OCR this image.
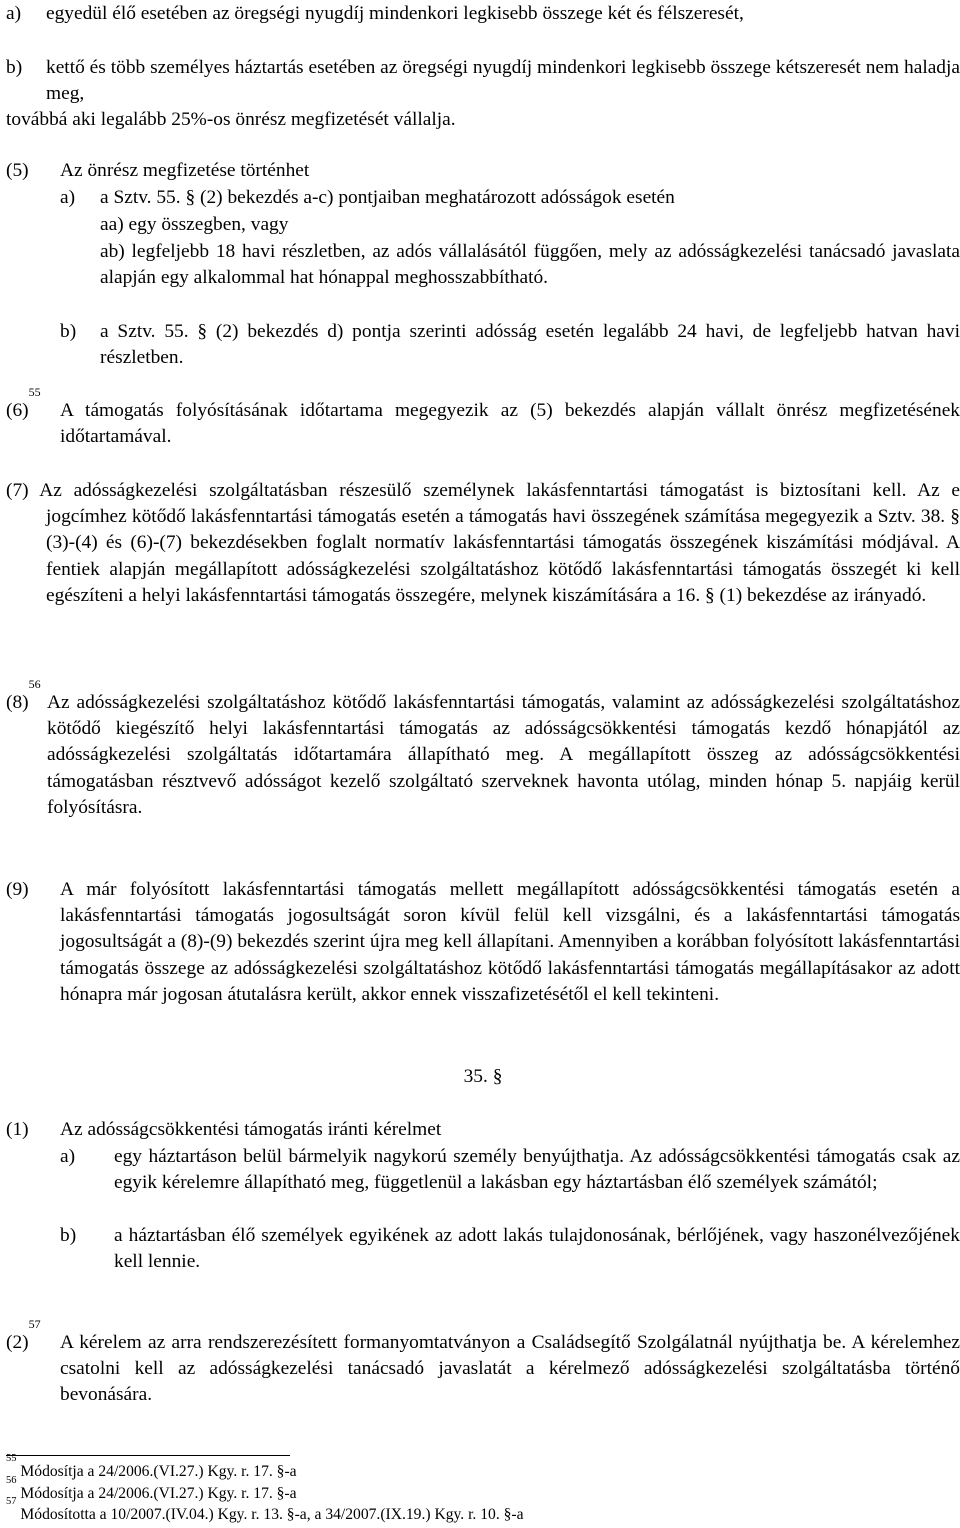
a)	egyedül élő esetében az öregségi nyugdíj mindenkori legkisebb összege két és félszeresét,
b)	kettő és több személyes háztartás esetében az öregségi nyugdíj mindenkori legkisebb összege kétszeresét nem haladja meg,
továbbá aki legalább 25%-os önrész megfizetését vállalja.
(5) Az önrész megfizetése történhet
a) a Sztv. 55. § (2) bekezdés a-c) pontjaiban meghatározott adósságok esetén
aa) egy összegben, vagy
ab) legfeljebb 18 havi részletben, az adós vállalásától függően, mely az adósságkezelési tanácsadó javaslata alapján egy alkalommal hat hónappal meghosszabbítható.
b) a Sztv. 55. § (2) bekezdés d) pontja szerinti adósság esetén legalább 24 havi, de legfeljebb hatvan havi részletben.
$(6)^{55}$
A támogatás folyósításának időtartama megegyezik az (5) bekezdés alapján vállalt önrész megfizetésének időtartamával.
(7) Az adósságkezelési szolgáltatásban részesülő személynek lakásfenntartási támogatást is biztosítani kell. Az e jogcímhez kötődő lakásfenntartási támogatás esetén a támogatás havi összegének számítása megegyezik a Sztv. 38. § (3)-(4) és (6)-(7) bekezdésekben foglalt normatív lakásfenntartási támogatás összegének kiszámítási módjával. A fentiek alapján megállapított adósságkezelési szolgáltatáshoz kötődő lakásfenntartási támogatás összegét ki kell egészíteni a helyi lakásfenntartási támogatás összegére, melynek kiszámítására a 16. § (1) bekezdése az irányadó.
$(8)^{56}$
Az adósságkezelési szolgáltatáshoz kötődő lakásfenntartási támogatás, valamint az adósságkezelési szolgáltatáshoz kötődő kiegészítő helyi lakásfenntartási támogatás az adósságcsökkentési támogatás kezdő hónapjától az adósságkezelési szolgáltatás időtartamára állapítható meg. A megállapított összeg az adósságcsökkentési támogatásban résztvevő adósságot kezelő szolgáltató szerveknek havonta utólag, minden hónap 5. napjáig kerül folyósításra.
(9) A már folyósított lakásfenntartási támogatás mellett megállapított adósságcsökkentési támogatás esetén a lakásfenntartási támogatás jogosultságát soron kívül felül kell vizsgálni, és a lakásfenntartási támogatás jogosultságát a (8)-(9) bekezdés szerint újra meg kell állapítani. Amennyiben a korábban folyósított lakásfenntartási támogatás összege az adósságkezelési szolgáltatáshoz kötődő lakásfenntartási támogatás megállapításakor az adott hónapra már jogosan átutalásra került, akkor ennek visszafizetésétől el kell tekinteni.
35. §
(1) Az adósságcsökkentési támogatás iránti kérelmet
a) egy háztartáson belül bármelyik nagykorú személy benyújthatja. Az adósságcsökkentési támogatás csak az egyik kérelemre állapítható meg, függetlenül a lakásban egy háztartásban élő személyek számától;
b) a háztartásban élő személyek egyikének az adott lakás tulajdonosának, bérlőjének, vagy haszonélvezőjének kell lennie.
$(2)^{57}$
A kérelem az arra rendszerezésített formanyomtatványon a Családsegítő Szolgálatnál nyújthatja be. A kérelemhez csatolni kell az adósságkezelési tanácsadó javaslatát a kérelmező adósságkezelési szolgáltatásba történő bevonására.
$^{55}$ Módosítja a 24/2006.(VI.27.) Kgy. r. 17. §-a
$^{56}$ Módosítja a 24/2006.(VI.27.) Kgy. r. 17. §-a
$^{57}$ Módosította a 10/2007.(IV.04.) Kgy. r. 13. §-a, a 34/2007.(IX.19.) Kgy. r. 10. §-a
